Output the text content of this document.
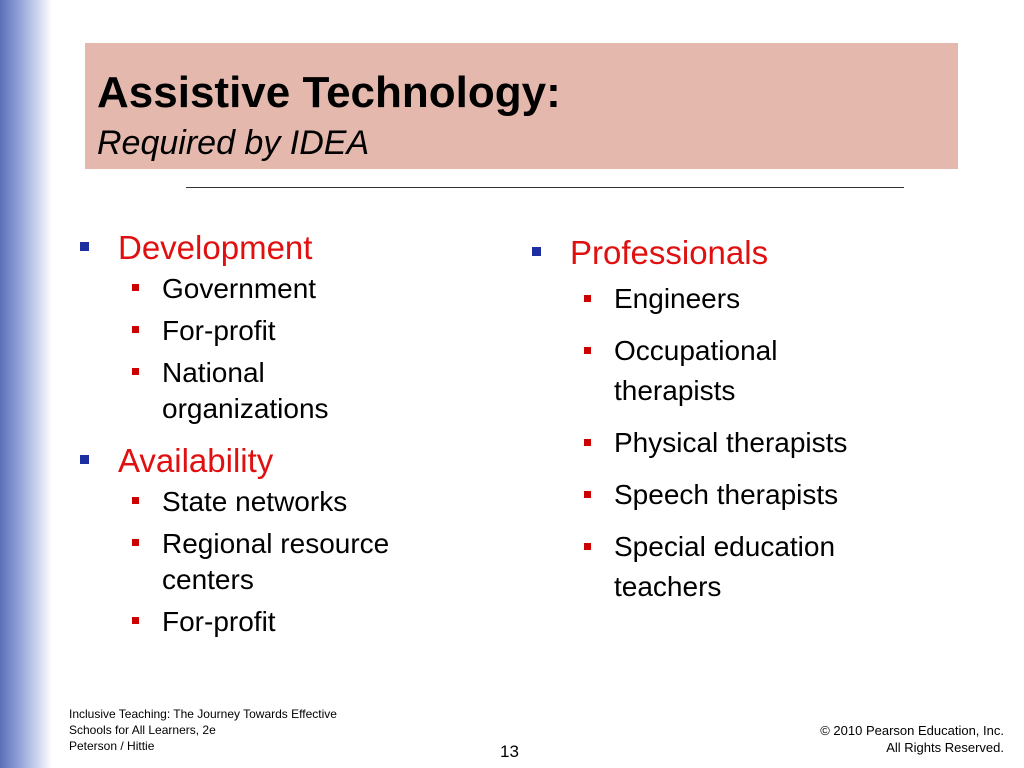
Assistive Technology:
Required by IDEA
Development
Government
For-profit
National organizations
Availability
State networks
Regional resource centers
For-profit
Professionals
Engineers
Occupational therapists
Physical therapists
Speech therapists
Special education teachers
Inclusive Teaching: The Journey Towards Effective
Schools for All Learners, 2e
Peterson / Hittie	13
© 2010 Pearson Education, Inc.
All Rights Reserved.
